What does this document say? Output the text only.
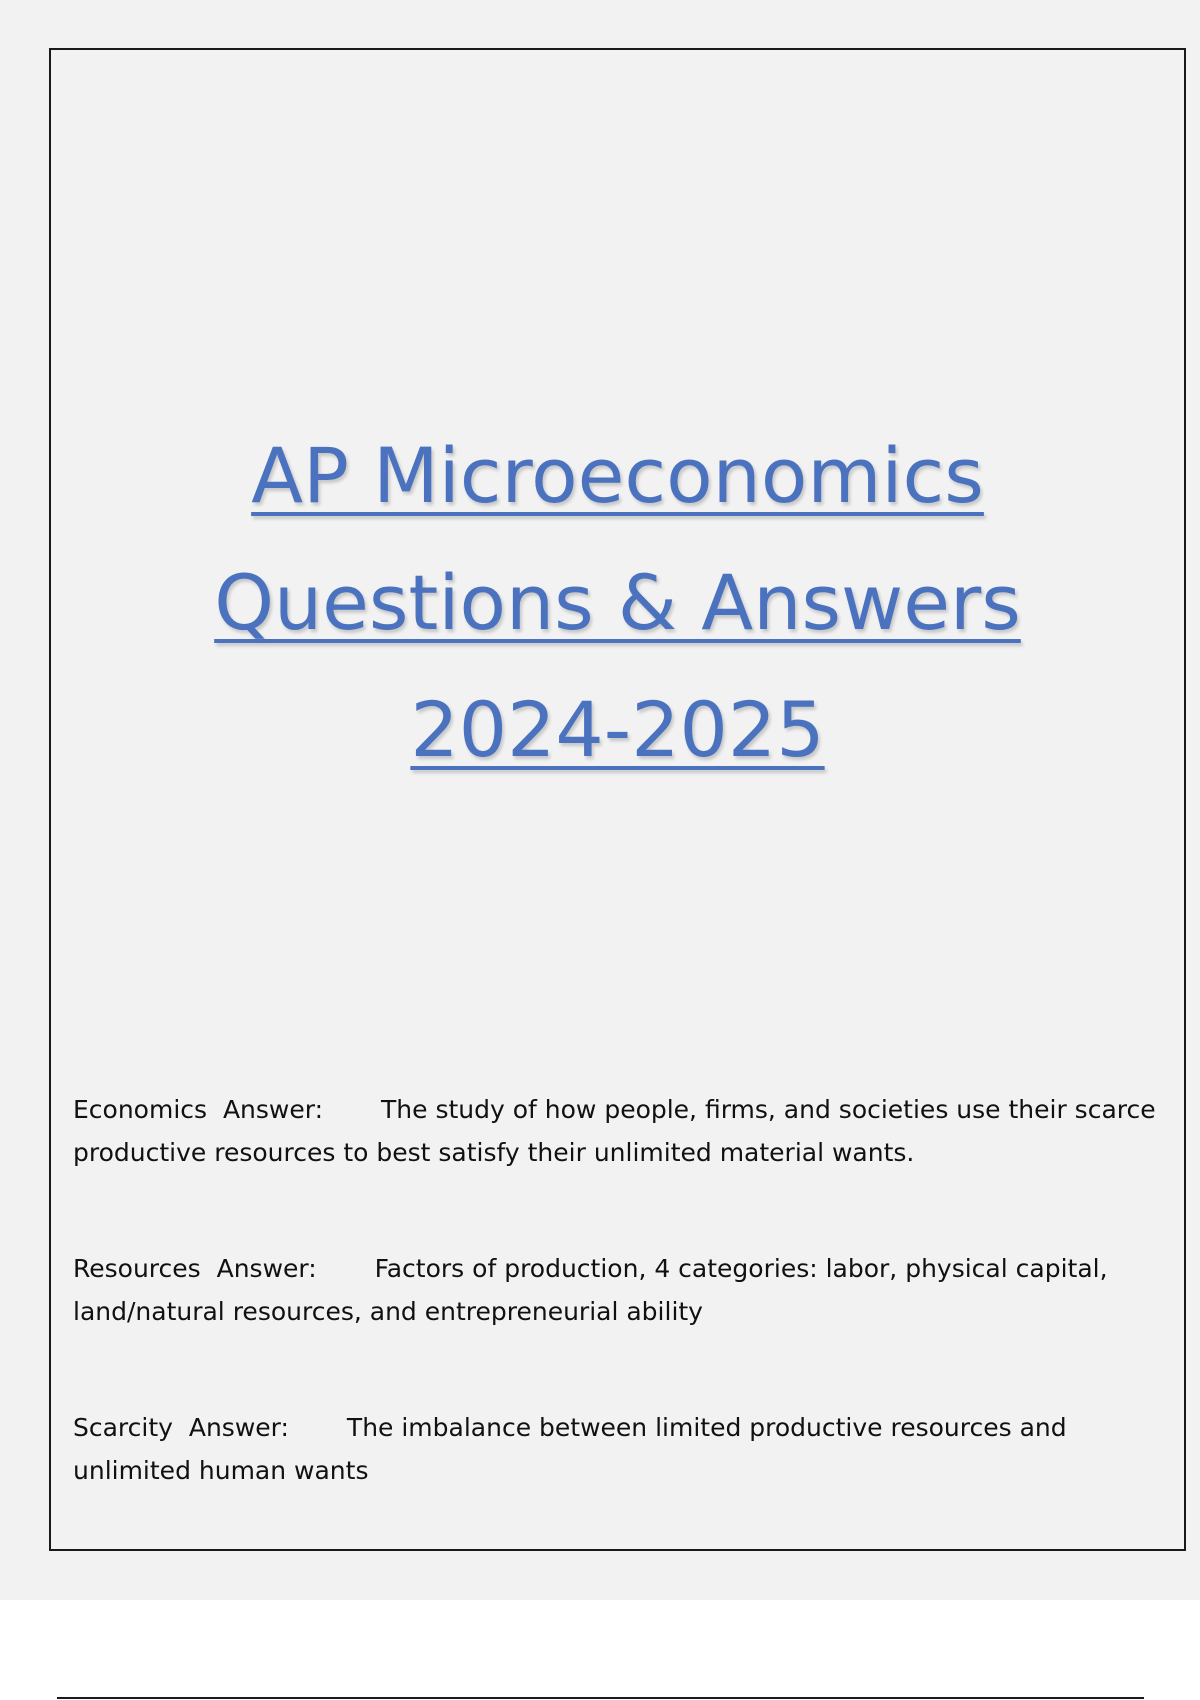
AP Microeconomics
Questions & Answers
2024-2025

Economics Answer: The study of how people, firms, and societies use their scarce productive resources to best satisfy their unlimited material wants.

Resources Answer: Factors of production, 4 categories: labor, physical capital, land/natural resources, and entrepreneurial ability

Scarcity Answer: The imbalance between limited productive resources and unlimited human wants
